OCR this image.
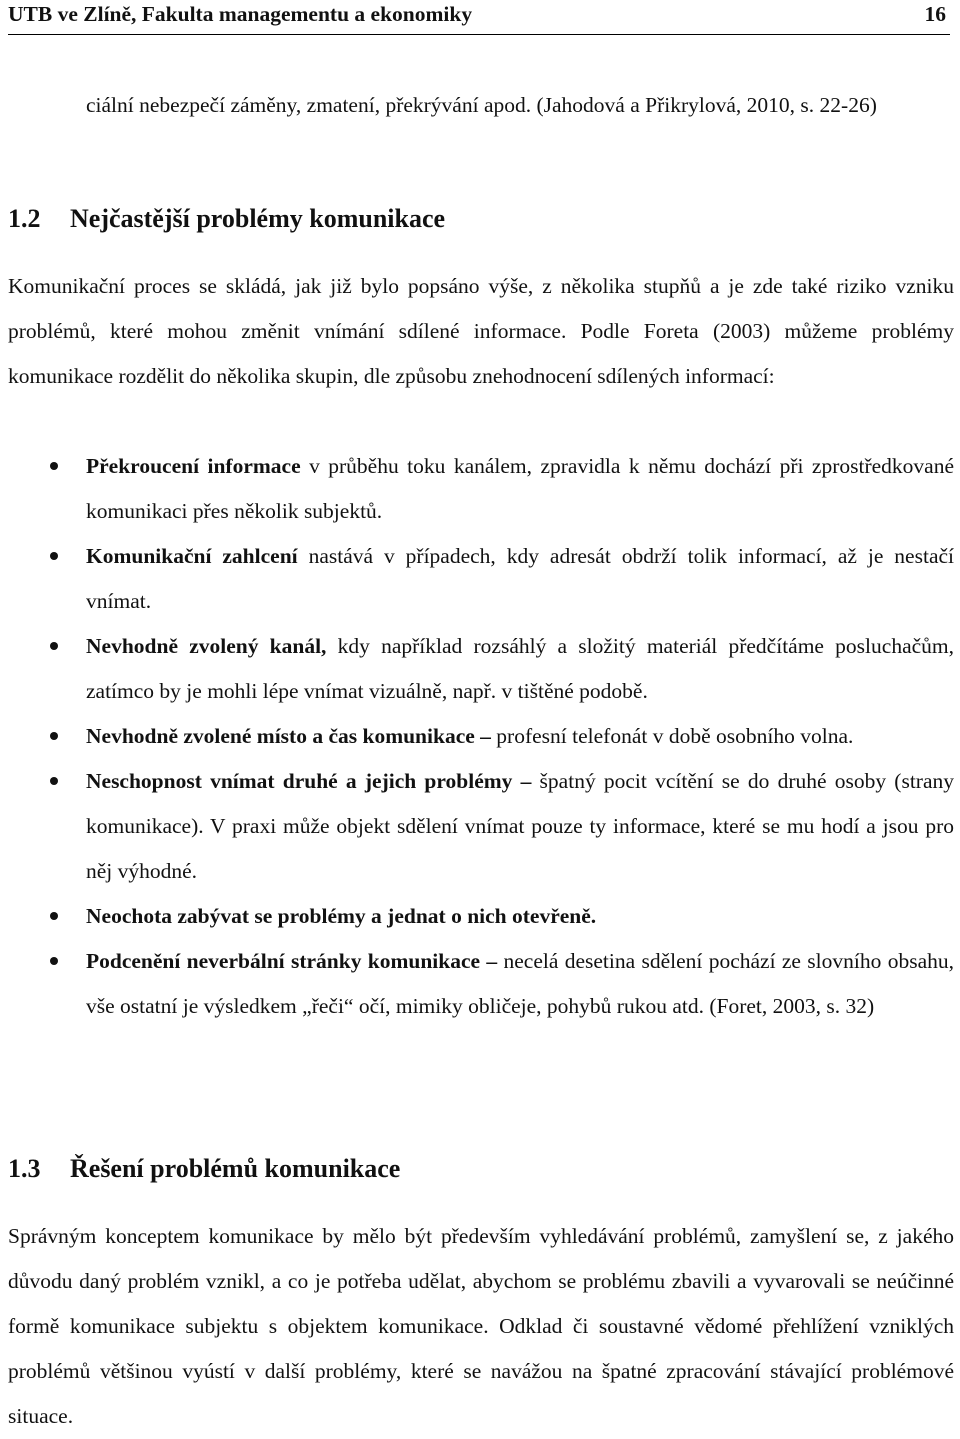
UTB ve Zlíně, Fakulta managementu a ekonomiky	16
ciální nebezpečí záměny, zmatení, překrývání apod. (Jahodová a Přikrylová, 2010, s. 22-26)
1.2 Nejčastější problémy komunikace

Komunikační proces se skládá, jak již bylo popsáno výše, z několika stupňů a je zde také riziko vzniku problémů, které mohou změnit vnímání sdílené informace. Podle Foreta (2003) můžeme problémy komunikace rozdělit do několika skupin, dle způsobu znehodnocení sdílených informací:

Překroucení informace v průběhu toku kanálem, zpravidla k němu dochází při zprostředkované komunikaci přes několik subjektů.
Komunikační zahlcení nastává v případech, kdy adresát obdrží tolik informací, až je nestačí vnímat.
Nevhodně zvolený kanál, kdy například rozsáhlý a složitý materiál předčítáme posluchačům, zatímco by je mohli lépe vnímat vizuálně, např. v tištěné podobě.
Nevhodně zvolené místo a čas komunikace – profesní telefonát v době osobního volna.
Neschopnost vnímat druhé a jejich problémy – špatný pocit vcítění se do druhé osoby (strany komunikace). V praxi může objekt sdělení vnímat pouze ty informace, které se mu hodí a jsou pro něj výhodné.
Neochota zabývat se problémy a jednat o nich otevřeně.
Podcenění neverbální stránky komunikace – necelá desetina sdělení pochází ze slovního obsahu, vše ostatní je výsledkem „řeči“ očí, mimiky obličeje, pohybů rukou atd. (Foret, 2003, s. 32)
1.3 Řešení problémů komunikace

Správným konceptem komunikace by mělo být především vyhledávání problémů, zamyšlení se, z jakého důvodu daný problém vznikl, a co je potřeba udělat, abychom se problému zbavili a vyvarovali se neúčinné formě komunikace subjektu s objektem komunikace. Odklad či soustavné vědomé přehlížení vzniklých problémů většinou vyústí v další problémy, které se navážou na špatné zpracování stávající problémové situace.
